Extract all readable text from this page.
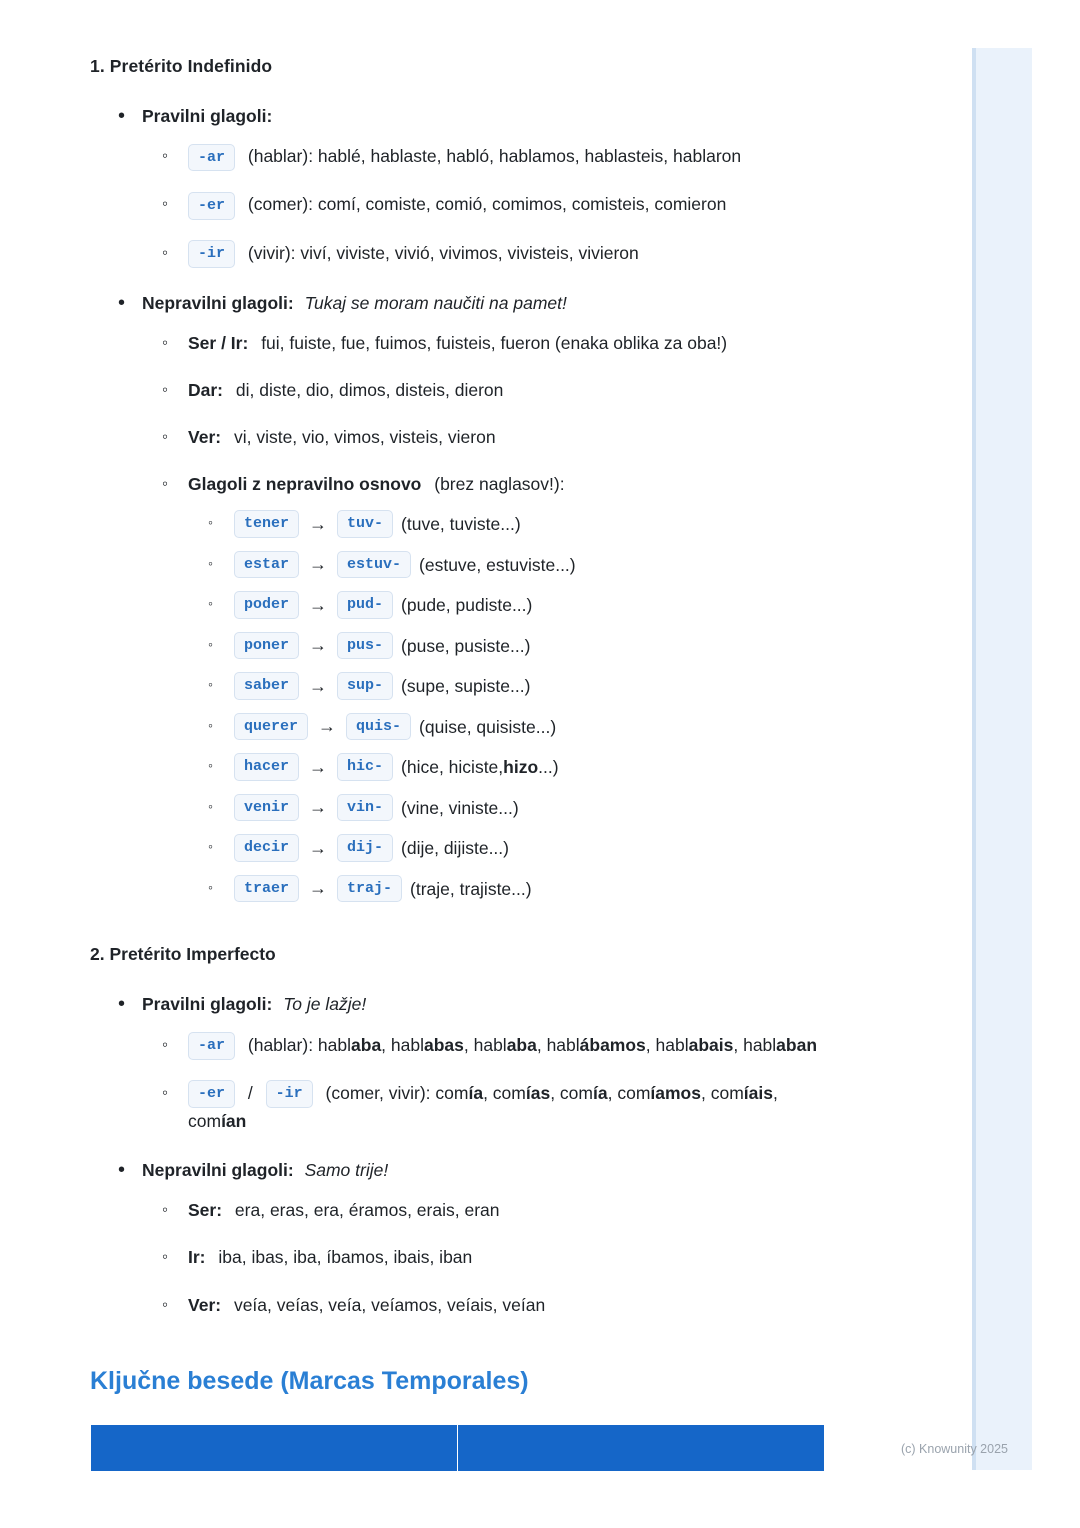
1. Pretérito Indefinido
• Pravilni glagoli:
◦ -ar (hablar): hablé, hablaste, habló, hablamos, hablasteis, hablaron
◦ -er (comer): comí, comiste, comió, comimos, comisteis, comieron
◦ -ir (vivir): viví, viviste, vivió, vivimos, vivisteis, vivieron
• Nepravilni glagoli: Tukaj se moram naučiti na pamet!
◦ Ser / Ir: fui, fuiste, fue, fuimos, fuisteis, fueron (enaka oblika za oba!)
◦ Dar: di, diste, dio, dimos, disteis, dieron
◦ Ver: vi, viste, vio, vimos, visteis, vieron
◦ Glagoli z nepravilno osnovo (brez naglasov!):
◦ tener	→	tuv-	(tuve, tuviste...)
◦ estar	→	estuv-	(estuve, estuviste...)
◦ poder	→	pud-	(pude, pudiste...)
◦ poner	→	pus-	(puse, pusiste...)
◦ saber	→	sup-	(supe, supiste...)
◦ querer	→	quis-	(quise, quisiste...)
◦ hacer	→	hic-	(hice, hiciste, hizo ...)
◦ venir	→	vin-	(vine, viniste...)
◦ decir	→	dij-	(dije, dijiste...)
◦ traer	→	traj-	(traje, trajiste...)
2. Pretérito Imperfecto
• Pravilni glagoli: To je lažje!
◦ -ar (hablar): hablaba, hablabas, hablaba, hablábamos, hablabais, hablaban
◦ -er / -ir (comer, vivir): comía, comías, comía, comíamos, comíais, comían
• Nepravilni glagoli: Samo trije!
◦ Ser: era, eras, era, éramos, erais, eran
◦ Ir: iba, ibas, iba, íbamos, ibais, iban
◦ Ver: veía, veías, veía, veíamos, veíais, veían
Ključne besede (Marcas Temporales)

(c) Knowunity 2025
